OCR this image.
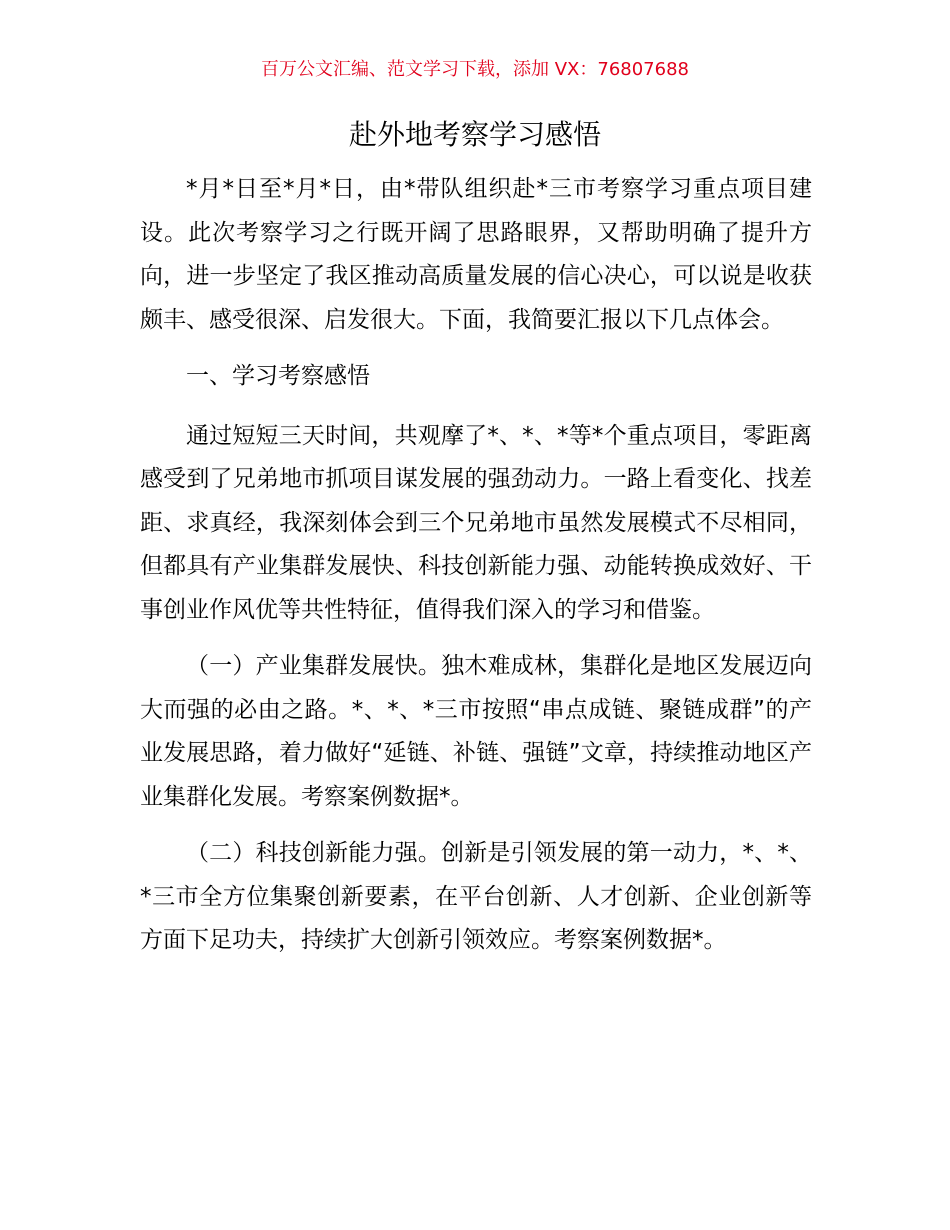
百万公文汇编、范文学习下载，添加 VX：76807688
赴外地考察学习感悟

*月*日至*月*日，由*带队组织赴*三市考察学习重点项目建设。此次考察学习之行既开阔了思路眼界，又帮助明确了提升方向，进一步坚定了我区推动高质量发展的信心决心，可以说是收获颇丰、感受很深、启发很大。下面，我简要汇报以下几点体会。

一、学习考察感悟

通过短短三天时间，共观摩了*、*、*等*个重点项目，零距离感受到了兄弟地市抓项目谋发展的强劲动力。一路上看变化、找差距、求真经，我深刻体会到三个兄弟地市虽然发展模式不尽相同，但都具有产业集群发展快、科技创新能力强、动能转换成效好、干事创业作风优等共性特征，值得我们深入的学习和借鉴。

（一）产业集群发展快。独木难成林，集群化是地区发展迈向大而强的必由之路。*、*、*三市按照“串点成链、聚链成群”的产业发展思路，着力做好“延链、补链、强链”文章，持续推动地区产业集群化发展。考察案例数据*。

（二）科技创新能力强。创新是引领发展的第一动力，*、*、*三市全方位集聚创新要素，在平台创新、人才创新、企业创新等方面下足功夫，持续扩大创新引领效应。考察案例数据*。
